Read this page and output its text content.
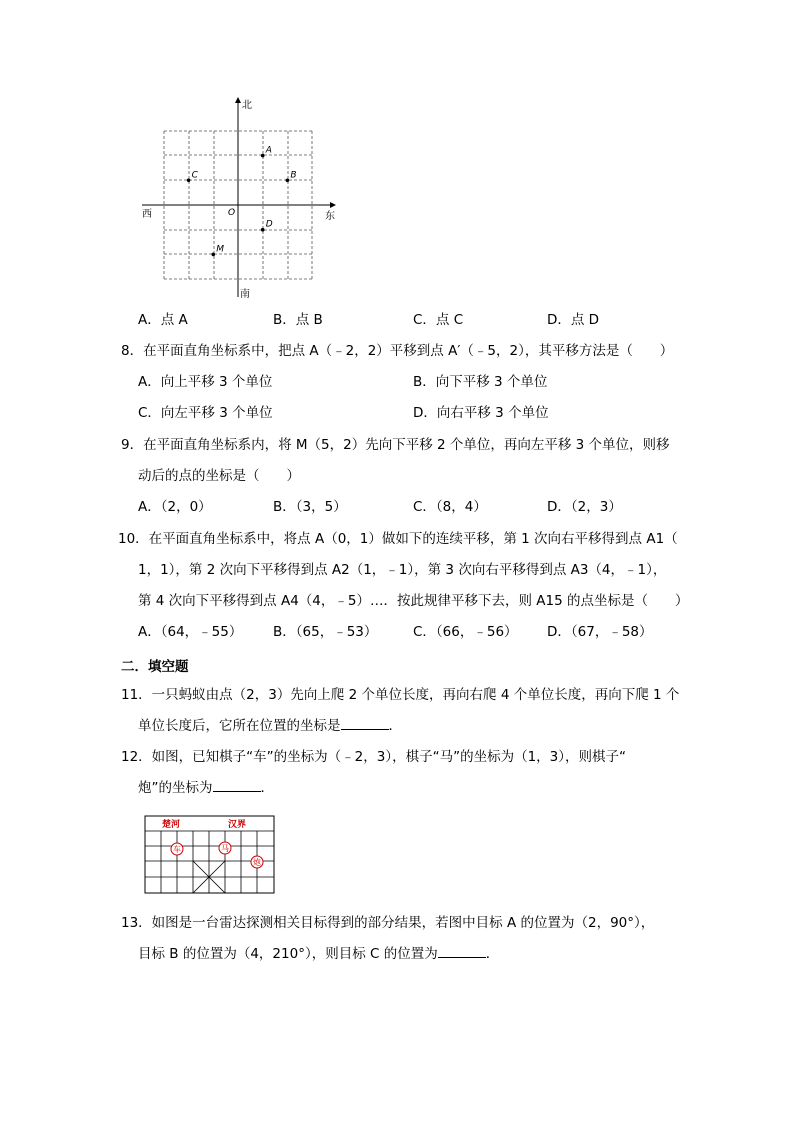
北
南
东
西	O
A
B
C
D
M
A．点 A	B．点 B	C．点 C	D．点 D
8．在平面直角坐标系中，把点 A（﹣2，2）平移到点 A′（﹣5，2），其平移方法是（　　）
A．向上平移 3 个单位	B．向下平移 3 个单位
C．向左平移 3 个单位	D．向右平移 3 个单位
9．在平面直角坐标系内，将 M（5，2）先向下平移 2 个单位，再向左平移 3 个单位，则移
动后的点的坐标是（　　）
A．（2，0）	B．（3，5）	C．（8，4）	D．（2，3）
10．在平面直角坐标系中，将点 A（0，1）做如下的连续平移，第 1 次向右平移得到点 A1（
1，1），第 2 次向下平移得到点 A2（1，﹣1），第 3 次向右平移得到点 A3（4，﹣1），
第 4 次向下平移得到点 A4（4，﹣5）…．按此规律平移下去，则 A15 的点坐标是（　　）
A．（64，﹣55） B．（65，﹣53）	C．（66，﹣56） D．（67，﹣58）
二．填空题
11．一只蚂蚁由点（2，3）先向上爬 2 个单位长度，再向右爬 4 个单位长度，再向下爬 1 个
单位长度后，它所在位置的坐标是	．
12．如图，已知棋子“车”的坐标为（﹣2，3），棋子“马”的坐标为（1，3），则棋子“
炮”的坐标为	．
楚河	汉界
车	马
炮
13．如图是一台雷达探测相关目标得到的部分结果，若图中目标 A 的位置为（2，90°），
目标 B 的位置为（4，210°），则目标 C 的位置为	．
